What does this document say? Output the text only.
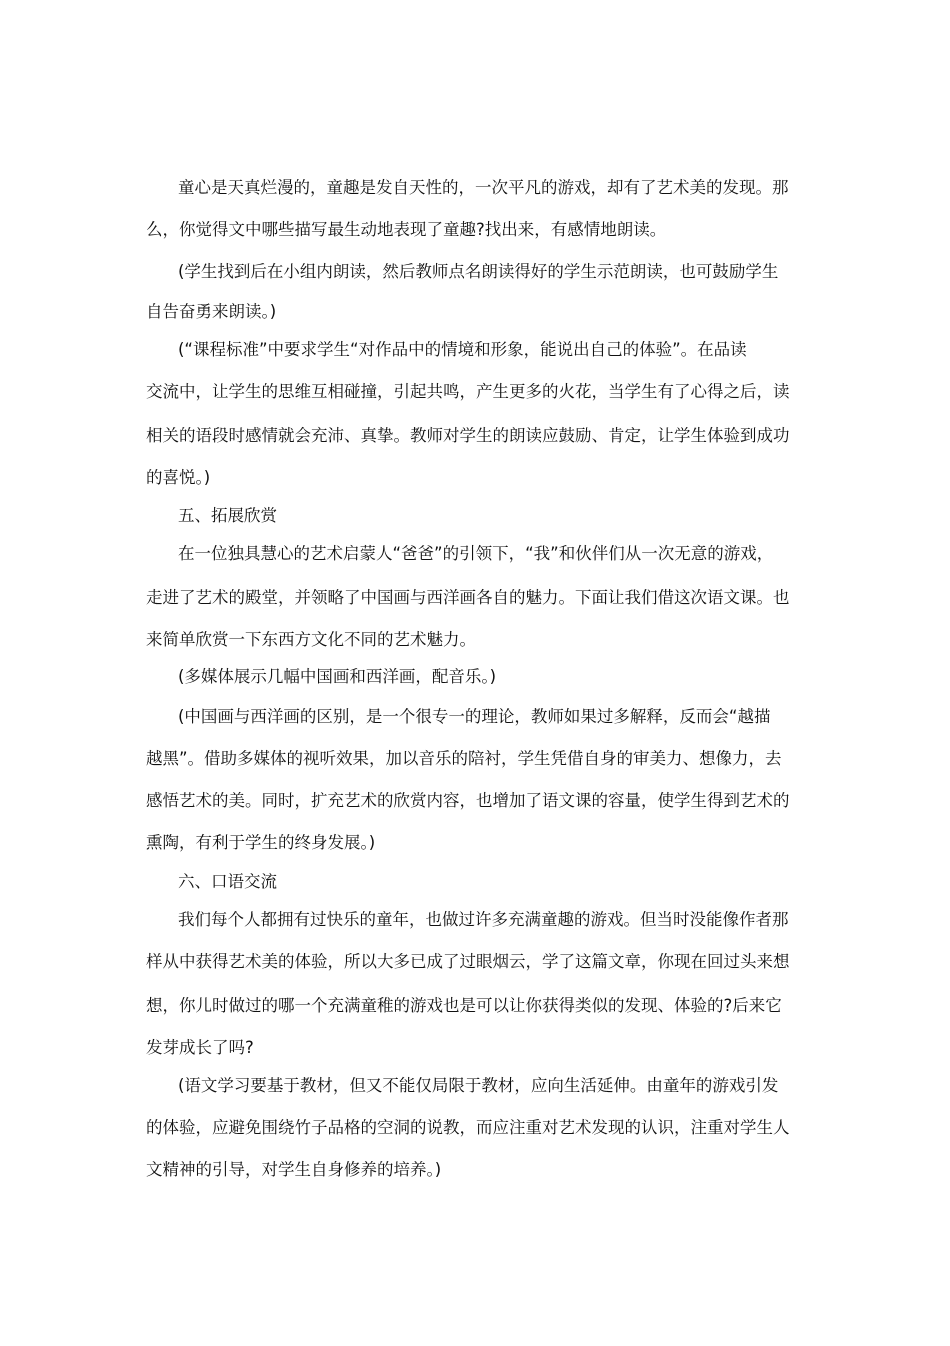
童心是天真烂漫的，童趣是发自天性的，一次平凡的游戏，却有了艺术美的发现。那
么，你觉得文中哪些描写最生动地表现了童趣?找出来，有感情地朗读。
(学生找到后在小组内朗读，然后教师点名朗读得好的学生示范朗读，也可鼓励学生
自告奋勇来朗读。)
(“课程标准”中要求学生“对作品中的情境和形象，能说出自己的体验”。在品读
交流中，让学生的思维互相碰撞，引起共鸣，产生更多的火花，当学生有了心得之后，读
相关的语段时感情就会充沛、真挚。教师对学生的朗读应鼓励、肯定，让学生体验到成功
的喜悦。)
五、拓展欣赏
在一位独具慧心的艺术启蒙人“爸爸”的引领下，“我”和伙伴们从一次无意的游戏，
走进了艺术的殿堂，并领略了中国画与西洋画各自的魅力。下面让我们借这次语文课。也
来简单欣赏一下东西方文化不同的艺术魅力。
(多媒体展示几幅中国画和西洋画，配音乐。)
(中国画与西洋画的区别，是一个很专一的理论，教师如果过多解释，反而会“越描
越黑”。借助多媒体的视听效果，加以音乐的陪衬，学生凭借自身的审美力、想像力，去
感悟艺术的美。同时，扩充艺术的欣赏内容，也增加了语文课的容量，使学生得到艺术的
熏陶，有利于学生的终身发展。)
六、口语交流
我们每个人都拥有过快乐的童年，也做过许多充满童趣的游戏。但当时没能像作者那
样从中获得艺术美的体验，所以大多已成了过眼烟云，学了这篇文章，你现在回过头来想
想，你儿时做过的哪一个充满童稚的游戏也是可以让你获得类似的发现、体验的?后来它
发芽成长了吗?
(语文学习要基于教材，但又不能仅局限于教材，应向生活延伸。由童年的游戏引发
的体验，应避免围绕竹子品格的空洞的说教，而应注重对艺术发现的认识，注重对学生人
文精神的引导，对学生自身修养的培养。)
